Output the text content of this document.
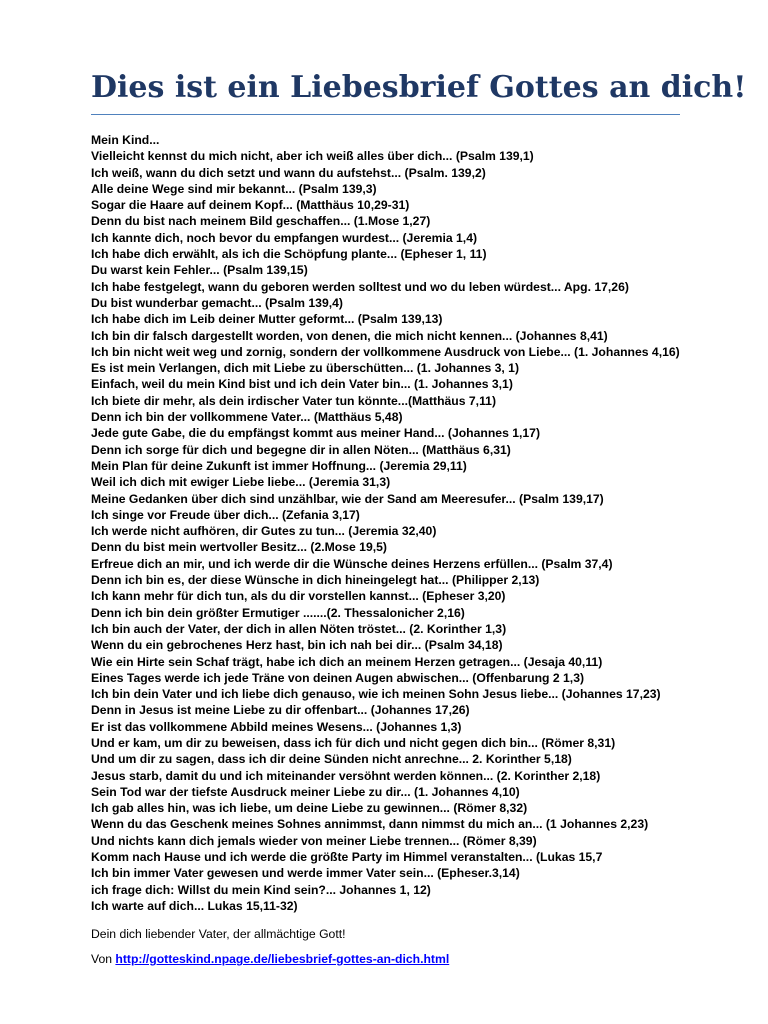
Dies ist ein Liebesbrief Gottes an dich!
Mein Kind...
Vielleicht kennst du mich nicht, aber ich weiß alles über dich... (Psalm 139,1)
Ich weiß, wann du dich setzt und wann du aufstehst... (Psalm. 139,2)
Alle deine Wege sind mir bekannt... (Psalm 139,3)
Sogar die Haare auf deinem Kopf... (Matthäus 10,29-31)
Denn du bist nach meinem Bild geschaffen... (1.Mose 1,27)
Ich kannte dich, noch bevor du empfangen wurdest... (Jeremia 1,4)
Ich habe dich erwählt, als ich die Schöpfung plante... (Epheser 1, 11)
Du warst kein Fehler... (Psalm 139,15)
Ich habe festgelegt, wann du geboren werden solltest und wo du leben würdest... Apg. 17,26)
Du bist wunderbar gemacht... (Psalm 139,4)
Ich habe dich im Leib deiner Mutter geformt... (Psalm 139,13)
Ich bin dir falsch dargestellt worden, von denen, die mich nicht kennen... (Johannes 8,41)
Ich bin nicht weit weg und zornig, sondern der vollkommene Ausdruck von Liebe... (1. Johannes 4,16)
Es ist mein Verlangen, dich mit Liebe zu überschütten... (1. Johannes 3, 1)
Einfach, weil du mein Kind bist und ich dein Vater bin... (1. Johannes 3,1)
Ich biete dir mehr, als dein irdischer Vater tun könnte...(Matthäus 7,11)
Denn ich bin der vollkommene Vater... (Matthäus 5,48)
Jede gute Gabe, die du empfängst kommt aus meiner Hand... (Johannes 1,17)
Denn ich sorge für dich und begegne dir in allen Nöten... (Matthäus 6,31)
Mein Plan für deine Zukunft ist immer Hoffnung... (Jeremia 29,11)
Weil ich dich mit ewiger Liebe liebe... (Jeremia 31,3)
Meine Gedanken über dich sind unzählbar, wie der Sand am Meeresufer... (Psalm 139,17)
Ich singe vor Freude über dich... (Zefania 3,17)
Ich werde nicht aufhören, dir Gutes zu tun... (Jeremia 32,40)
Denn du bist mein wertvoller Besitz... (2.Mose 19,5)
Erfreue dich an mir, und ich werde dir die Wünsche deines Herzens erfüllen... (Psalm 37,4)
Denn ich bin es, der diese Wünsche in dich hineingelegt hat... (Philipper 2,13)
Ich kann mehr für dich tun, als du dir vorstellen kannst... (Epheser 3,20)
Denn ich bin dein größter Ermutiger .......(2. Thessalonicher 2,16)
Ich bin auch der Vater, der dich in allen Nöten tröstet... (2. Korinther 1,3)
Wenn du ein gebrochenes Herz hast, bin ich nah bei dir... (Psalm 34,18)
Wie ein Hirte sein Schaf trägt, habe ich dich an meinem Herzen getragen... (Jesaja 40,11)
Eines Tages werde ich jede Träne von deinen Augen abwischen... (Offenbarung 2 1,3)
Ich bin dein Vater und ich liebe dich genauso, wie ich meinen Sohn Jesus liebe... (Johannes 17,23)
Denn in Jesus ist meine Liebe zu dir offenbart... (Johannes 17,26)
Er ist das vollkommene Abbild meines Wesens... (Johannes 1,3)
Und er kam, um dir zu beweisen, dass ich für dich und nicht gegen dich bin... (Römer 8,31)
Und um dir zu sagen, dass ich dir deine Sünden nicht anrechne... 2. Korinther 5,18)
Jesus starb, damit du und ich miteinander versöhnt werden können... (2. Korinther 2,18)
Sein Tod war der tiefste Ausdruck meiner Liebe zu dir... (1. Johannes 4,10)
Ich gab alles hin, was ich liebe, um deine Liebe zu gewinnen... (Römer 8,32)
Wenn du das Geschenk meines Sohnes annimmst, dann nimmst du mich an... (1 Johannes 2,23)
Und nichts kann dich jemals wieder von meiner Liebe trennen... (Römer 8,39)
Komm nach Hause und ich werde die größte Party im Himmel veranstalten... (Lukas 15,7
Ich bin immer Vater gewesen und werde immer Vater sein... (Epheser.3,14)
ich frage dich: Willst du mein Kind sein?... Johannes 1, 12)
Ich warte auf dich... Lukas 15,11-32)
Dein dich liebender Vater, der allmächtige Gott!
Von http://gotteskind.npage.de/liebesbrief-gottes-an-dich.html
